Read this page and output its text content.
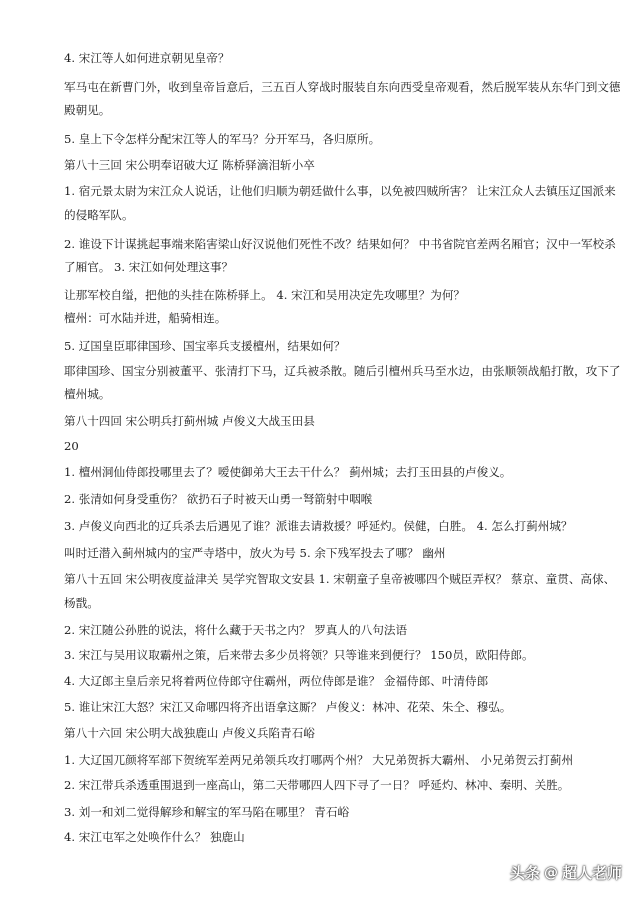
4. 宋江等人如何进京朝见皇帝？
军马屯在新曹门外，收到皇帝旨意后，三五百人穿战时服装自东向西受皇帝观看，然后脱军装从东华门到文德
殿朝见。
5. 皇上下令怎样分配宋江等人的军马？分开军马，各归原所。
第八十三回 宋公明奉诏破大辽 陈桥驿滴泪斩小卒
1. 宿元景太尉为宋江众人说话，让他们归顺为朝廷做什么事，以免被四贼所害？ 让宋江众人去镇压辽国派来
的侵略军队。
2. 谁设下计谋挑起事端来陷害梁山好汉说他们死性不改？结果如何？ 中书省院官差两名厢官；汉中一军校杀
了厢官。 3. 宋江如何处理这事？
让那军校自缢，把他的头挂在陈桥驿上。 4. 宋江和吴用决定先攻哪里？为何？
檀州：可水陆并进，船骑相连。
5. 辽国皇臣耶律国珍、国宝率兵支援檀州，结果如何？
耶律国珍、国宝分别被董平、张清打下马，辽兵被杀散。随后引檀州兵马至水边，由张顺领战船打散，攻下了
檀州城。
第八十四回 宋公明兵打蓟州城 卢俊义大战玉田县
20
1. 檀州洞仙侍郎投哪里去了？嗳使御弟大王去干什么？ 蓟州城；去打玉田县的卢俊义。
2. 张清如何身受重伤？ 欲扔石子时被天山勇一弩箭射中咽喉
3. 卢俊义向西北的辽兵杀去后遇见了谁？派谁去请救援？呼延灼。侯健，白胜。 4. 怎么打蓟州城？
叫时迁潜入蓟州城内的宝严寺塔中，放火为号 5. 余下残军投去了哪？ 幽州
第八十五回 宋公明夜度益津关 吴学究智取文安县 1. 宋朝童子皇帝被哪四个贼臣弄权？ 蔡京、童贯、高俅、
杨戬。
2. 宋江随公孙胜的说法，将什么藏于天书之内？ 罗真人的八句法语
3. 宋江与吴用议取霸州之策，后来带去多少员将领？只等谁来到便行？ 150员，欧阳侍郎。
4. 大辽郎主皇后亲兄将着两位侍郎守住霸州，两位侍郎是谁？ 金福侍郎、叶清侍郎
5. 谁让宋江大怒？宋江又命哪四将齐出语拿这厮？ 卢俊义：林冲、花荣、朱仝、穆弘。
第八十六回 宋公明大战独鹿山 卢俊义兵陷青石峪
1. 大辽国兀颜将军部下贺统军差两兄弟领兵攻打哪两个州？ 大兄弟贺拆大霸州、 小兄弟贺云打蓟州
2. 宋江带兵杀透重围退到一座高山，第二天带哪四人四下寻了一日？ 呼延灼、林冲、秦明、关胜。
3. 刘一和刘二觉得解珍和解宝的军马陷在哪里？ 青石峪
4. 宋江屯军之处唤作什么？ 独鹿山
头条 @ 超人老师
